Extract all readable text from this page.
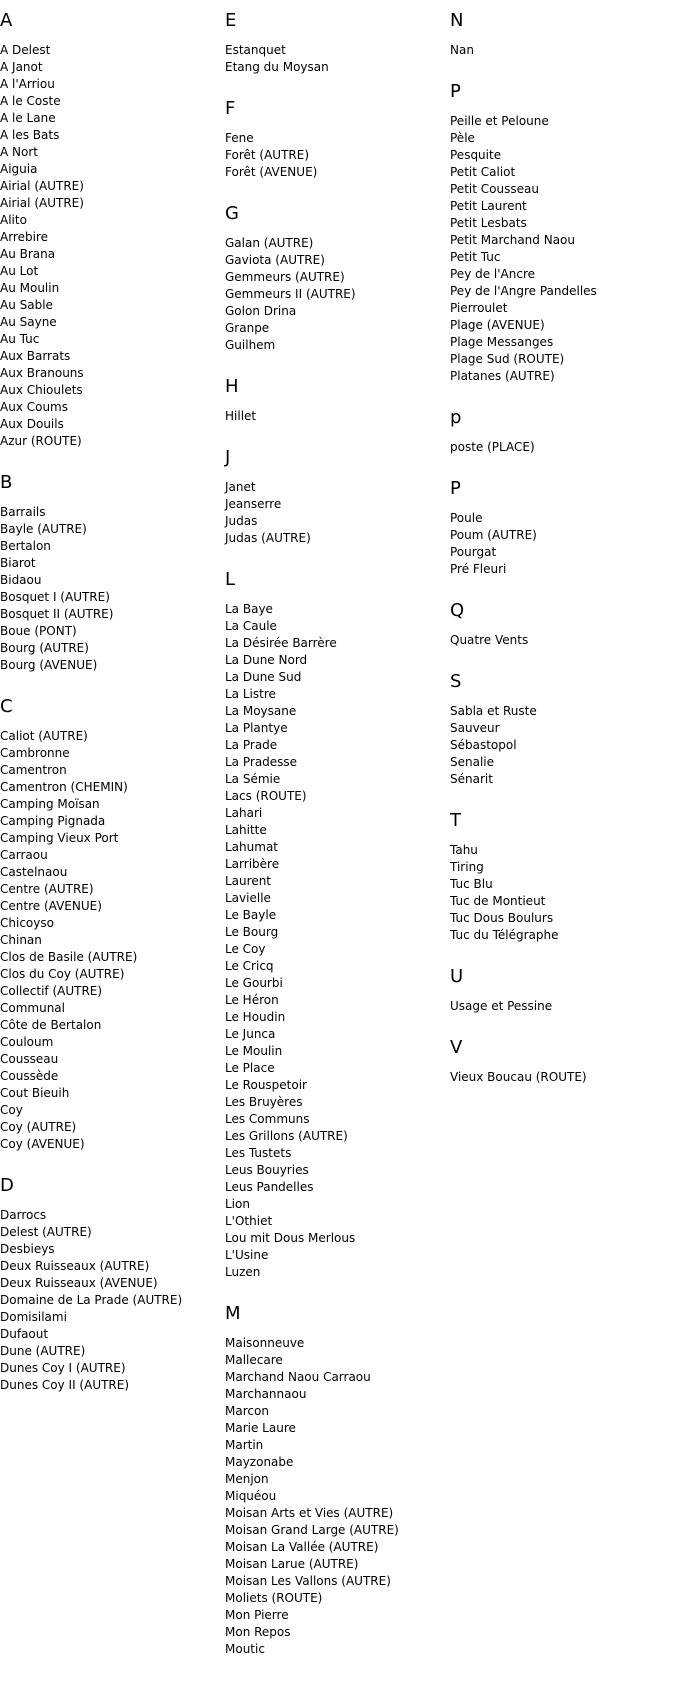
A
A Delest
A Janot
A l'Arriou
A le Coste
A le Lane
A les Bats
A Nort
Aiguia
Airial (AUTRE)
Airial (AUTRE)
Alito
Arrebire
Au Brana
Au Lot
Au Moulin
Au Sable
Au Sayne
Au Tuc
Aux Barrats
Aux Branouns
Aux Chioulets
Aux Coums
Aux Douils
Azur (ROUTE)
B
Barrails
Bayle (AUTRE)
Bertalon
Biarot
Bidaou
Bosquet I (AUTRE)
Bosquet II (AUTRE)
Boue (PONT)
Bourg (AUTRE)
Bourg (AVENUE)
C
Caliot (AUTRE)
Cambronne
Camentron
Camentron (CHEMIN)
Camping Moïsan
Camping Pignada
Camping Vieux Port
Carraou
Castelnaou
Centre (AUTRE)
Centre (AVENUE)
Chicoyso
Chinan
Clos de Basile (AUTRE)
Clos du Coy (AUTRE)
Collectif (AUTRE)
Communal
Côte de Bertalon
Couloum
Cousseau
Coussède
Cout Bieuih
Coy
Coy (AUTRE)
Coy (AVENUE)
D
Darrocs
Delest (AUTRE)
Desbieys
Deux Ruisseaux (AUTRE)
Deux Ruisseaux (AVENUE)
Domaine de La Prade (AUTRE)
Domisilami
Dufaout
Dune (AUTRE)
Dunes Coy I (AUTRE)
Dunes Coy II (AUTRE)
E
Estanquet
Etang du Moysan
F
Fene
Forêt (AUTRE)
Forêt (AVENUE)
G
Galan (AUTRE)
Gaviota (AUTRE)
Gemmeurs (AUTRE)
Gemmeurs II (AUTRE)
Golon Drina
Granpe
Guilhem
H
Hillet
J
Janet
Jeanserre
Judas
Judas (AUTRE)
L
La Baye
La Caule
La Désirée Barrère
La Dune Nord
La Dune Sud
La Listre
La Moysane
La Plantye
La Prade
La Pradesse
La Sémie
Lacs (ROUTE)
Lahari
Lahitte
Lahumat
Larribère
Laurent
Lavielle
Le Bayle
Le Bourg
Le Coy
Le Cricq
Le Gourbi
Le Héron
Le Houdin
Le Junca
Le Moulin
Le Place
Le Rouspetoir
Les Bruyères
Les Communs
Les Grillons (AUTRE)
Les Tustets
Leus Bouyries
Leus Pandelles
Lion
L'Othiet
Lou mit Dous Merlous
L'Usine
Luzen
M
Maisonneuve
Mallecare
Marchand Naou Carraou
Marchannaou
Marcon
Marie Laure
Martin
Mayzonabe
Menjon
Miquéou
Moisan Arts et Vies (AUTRE)
Moisan Grand Large (AUTRE)
Moisan La Vallée (AUTRE)
Moisan Larue (AUTRE)
Moisan Les Vallons (AUTRE)
Moliets (ROUTE)
Mon Pierre
Mon Repos
Moutic
N
Nan
P
Peille et Peloune
Pèle
Pesquite
Petit Caliot
Petit Cousseau
Petit Laurent
Petit Lesbats
Petit Marchand Naou
Petit Tuc
Pey de l'Ancre
Pey de l'Angre Pandelles
Pierroulet
Plage (AVENUE)
Plage Messanges
Plage Sud (ROUTE)
Platanes (AUTRE)
p
poste (PLACE)
P
Poule
Poum (AUTRE)
Pourgat
Pré Fleuri
Q
Quatre Vents
S
Sabla et Ruste
Sauveur
Sébastopol
Senalie
Sénarit
T
Tahu
Tiring
Tuc Blu
Tuc de Montieut
Tuc Dous Boulurs
Tuc du Télégraphe
U
Usage et Pessine
V
Vieux Boucau (ROUTE)
